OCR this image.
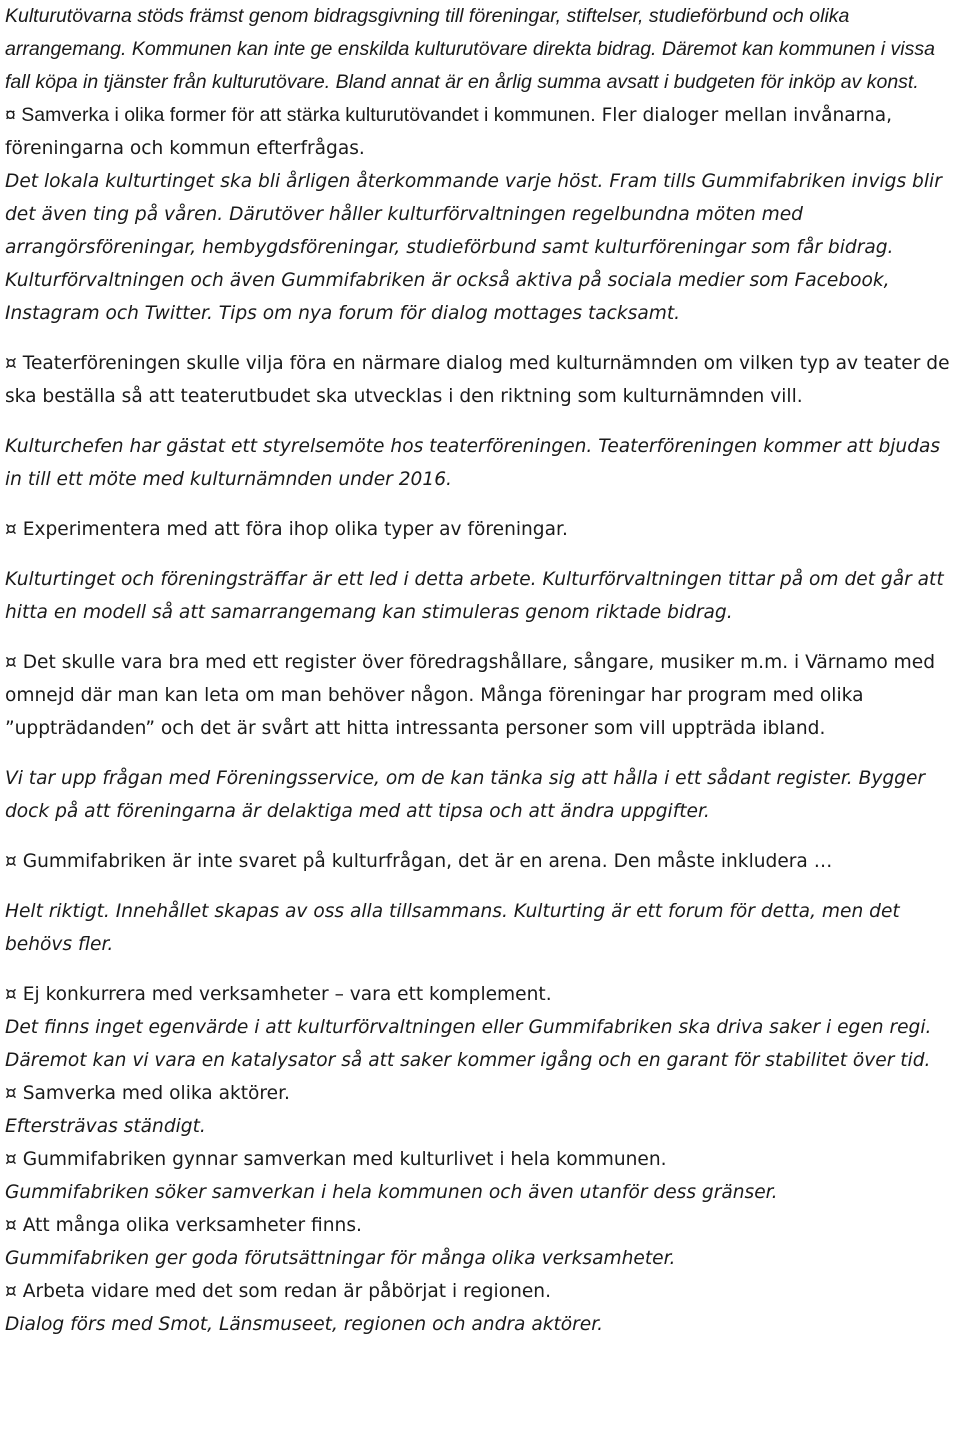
Kulturutövarna stöds främst genom bidragsgivning till föreningar, stiftelser, studieförbund och olika arrangemang. Kommunen kan inte ge enskilda kulturutövare direkta bidrag. Däremot kan kommunen i vissa fall köpa in tjänster från kulturutövare. Bland annat är en årlig summa avsatt i budgeten för inköp av konst.
¤ Samverka i olika former för att stärka kulturutövandet i kommunen. Fler dialoger mellan invånarna, föreningarna och kommun efterfrågas.
Det lokala kulturtinget ska bli årligen återkommande varje höst. Fram tills Gummifabriken invigs blir det även ting på våren. Därutöver håller kulturförvaltningen regelbundna möten med arrangörsföreningar, hembygdsföreningar, studieförbund samt kulturföreningar som får bidrag. Kulturförvaltningen och även Gummifabriken är också aktiva på sociala medier som Facebook, Instagram och Twitter. Tips om nya forum för dialog mottages tacksamt.
¤ Teaterföreningen skulle vilja föra en närmare dialog med kulturnämnden om vilken typ av teater de ska beställa så att teaterutbudet ska utvecklas i den riktning som kulturnämnden vill.
Kulturchefen har gästat ett styrelsemöte hos teaterföreningen. Teaterföreningen kommer att bjudas in till ett möte med kulturnämnden under 2016.
¤ Experimentera med att föra ihop olika typer av föreningar.
Kulturtinget och föreningsträffar är ett led i detta arbete. Kulturförvaltningen tittar på om det går att hitta en modell så att samarrangemang kan stimuleras genom riktade bidrag.
¤ Det skulle vara bra med ett register över föredragshållare, sångare, musiker m.m. i Värnamo med omnejd där man kan leta om man behöver någon. Många föreningar har program med olika ”uppträdanden” och det är svårt att hitta intressanta personer som vill uppträda ibland.
Vi tar upp frågan med Föreningsservice, om de kan tänka sig att hålla i ett sådant register. Bygger dock på att föreningarna är delaktiga med att tipsa och att ändra uppgifter.
¤ Gummifabriken är inte svaret på kulturfrågan, det är en arena. Den måste inkludera …
Helt riktigt. Innehållet skapas av oss alla tillsammans. Kulturting är ett forum för detta, men det behövs fler.
¤ Ej konkurrera med verksamheter – vara ett komplement.
Det finns inget egenvärde i att kulturförvaltningen eller Gummifabriken ska driva saker i egen regi. Däremot kan vi vara en katalysator så att saker kommer igång och en garant för stabilitet över tid.
¤ Samverka med olika aktörer.
Eftersträvas ständigt.
¤ Gummifabriken gynnar samverkan med kulturlivet i hela kommunen.
Gummifabriken söker samverkan i hela kommunen och även utanför dess gränser.
¤ Att många olika verksamheter finns.
Gummifabriken ger goda förutsättningar för många olika verksamheter.
¤ Arbeta vidare med det som redan är påbörjat i regionen.
Dialog förs med Smot, Länsmuseet, regionen och andra aktörer.
